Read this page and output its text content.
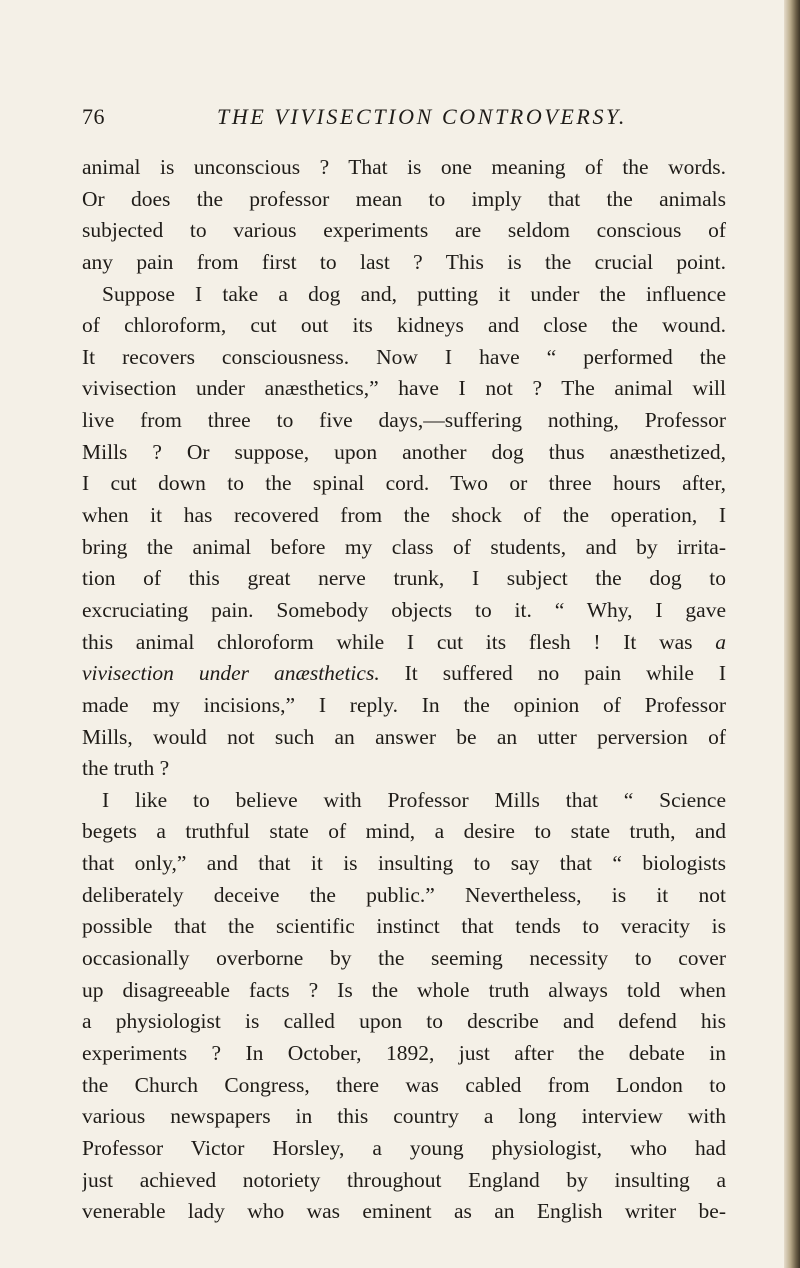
76	THE VIVISECTION CONTROVERSY.
animal is unconscious ? That is one meaning of the words.
Or does the professor mean to imply that the animals
subjected to various experiments are seldom conscious of
any pain from first to last ? This is the crucial point.
Suppose I take a dog and, putting it under the influence
of chloroform, cut out its kidneys and close the wound.
It recovers consciousness. Now I have “ performed the
vivisection under anæsthetics,” have I not ? The animal will
live from three to five days,—suffering nothing, Professor
Mills ? Or suppose, upon another dog thus anæsthetized,
I cut down to the spinal cord. Two or three hours after,
when it has recovered from the shock of the operation, I
bring the animal before my class of students, and by irrita-
tion of this great nerve trunk, I subject the dog to
excruciating pain. Somebody objects to it. “ Why, I gave
this animal chloroform while I cut its flesh ! It was a
vivisection under anæsthetics. It suffered no pain while I
made my incisions,” I reply. In the opinion of Professor
Mills, would not such an answer be an utter perversion of
the truth ?
I like to believe with Professor Mills that “ Science
begets a truthful state of mind, a desire to state truth, and
that only,” and that it is insulting to say that “ biologists
deliberately deceive the public.” Nevertheless, is it not
possible that the scientific instinct that tends to veracity is
occasionally overborne by the seeming necessity to cover
up disagreeable facts ? Is the whole truth always told when
a physiologist is called upon to describe and defend his
experiments ? In October, 1892, just after the debate in
the Church Congress, there was cabled from London to
various newspapers in this country a long interview with
Professor Victor Horsley, a young physiologist, who had
just achieved notoriety throughout England by insulting a
venerable lady who was eminent as an English writer be-
